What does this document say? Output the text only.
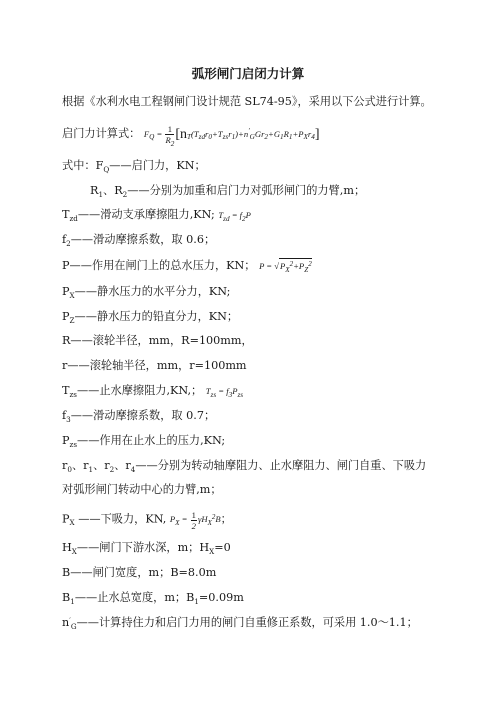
弧形闸门启闭力计算
根据《水利水电工程钢闸门设计规范 SL74-95》，采用以下公式进行计算。
启门力计算式： $F_Q = \frac{1}{R_2} [n_T(T_{zd}r_0+T_{zs}r_1)+n'_GGr_2+G_1R_1+P_Xr_4]$
式中：$F_Q——$启门力，KN；
$R_1$、$R_2——$分别为加重和启门力对弧形闸门的力臂,m；
$T_{zd}——$滑动支承摩擦阻力,KN; $T_{zd} = f_2P$
$f_2——$滑动摩擦系数，取 0.6；
P——作用在闸门上的总水压力，KN； $P = √P_X^2+P_Z^2$
$P_X——$静水压力的水平分力，KN;
$P_Z——$静水压力的铅直分力，KN；
R——滚轮半径，mm，R=100mm，
r——滚轮轴半径，mm，r=100mm
$T_{zs}——$止水摩擦阻力,KN,； $T_{zs} = f_3P_{zs}$
$f_3——$滑动摩擦系数，取 0.7；
$P_{zs}——$作用在止水上的压力,KN;
$r_0$、$r_1$、$r_2$、$r_4——$分别为转动轴摩阻力、止水摩阻力、闸门自重、下吸力
对弧形闸门转动中心的力臂,m；
$P_X$ ——下吸力，KN, $P_X = \frac{1}{2} \gamma H_X^2B$；
$H_X——$闸门下游水深，m；$H_X=0$
B——闸门宽度，m；B=8.0m
$B_1——$止水总宽度，m；$B_1=0.09m$
$n'_G——$计算持住力和启门力用的闸门自重修正系数，可采用 1.0～1.1；
